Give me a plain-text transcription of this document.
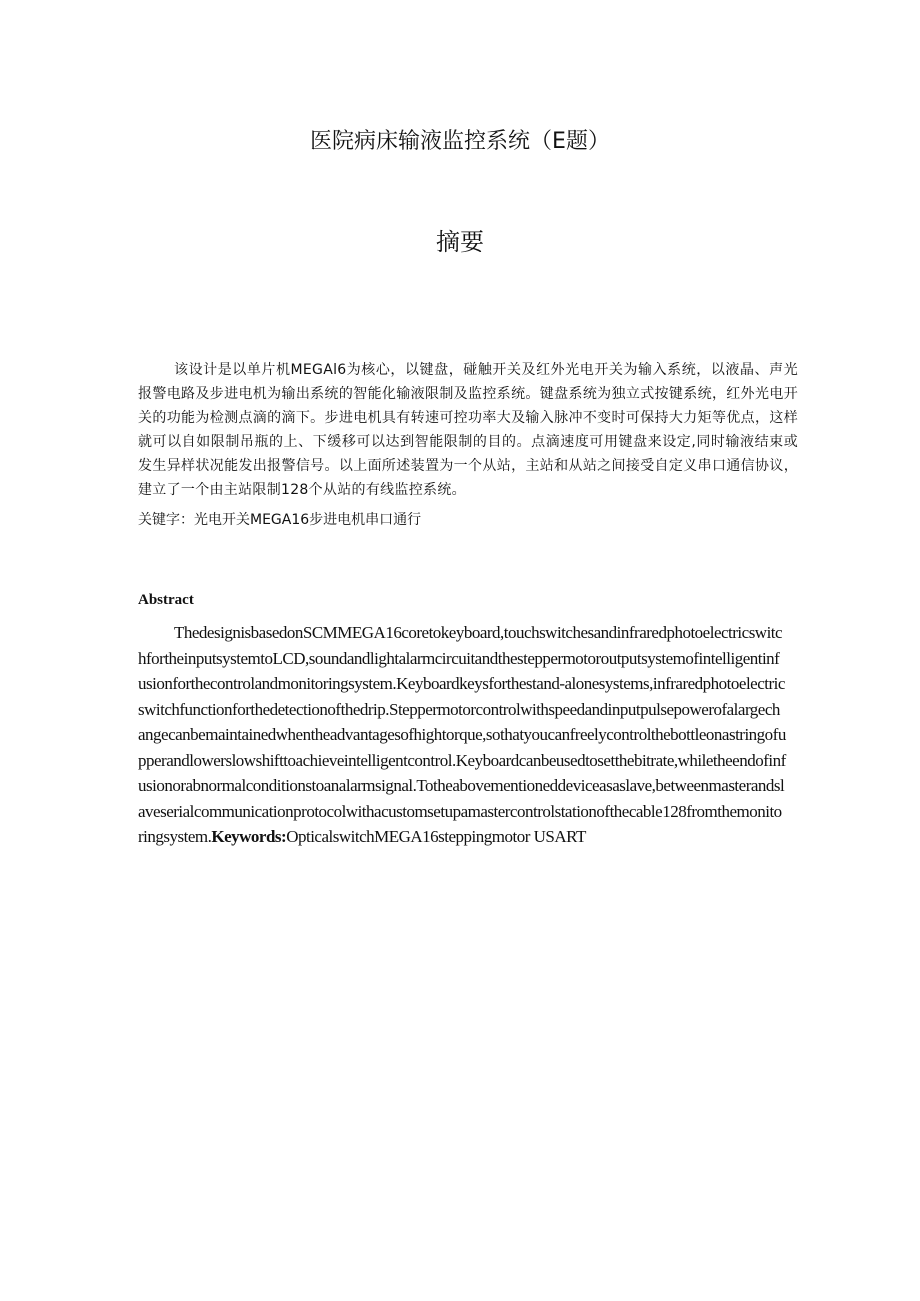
医院病床输液监控系统（E题）
摘要

该设计是以单片机MEGAl6为核心，以键盘，碰触开关及红外光电开关为输入系统，以液晶、声光报警电路及步进电机为输出系统的智能化输液限制及监控系统。键盘系统为独立式按键系统，红外光电开关的功能为检测点滴的滴下。步进电机具有转速可控功率大及输入脉冲不变时可保持大力矩等优点，这样就可以自如限制吊瓶的上、下缓移可以达到智能限制的目的。点滴速度可用键盘来设定,同时输液结束或发生异样状况能发出报警信号。以上面所述装置为一个从站，主站和从站之间接受自定义串口通信协议，建立了一个由主站限制128个从站的有线监控系统。

关键字：光电开关MEGA16步进电机串口通行

Abstract

ThedesignisbasedonSCMMEGA16coretokeyboard,touchswitchesandinfraredphotoelectricswitchfortheinputsystemtoLCD,soundandlightalarmcircuitandthesteppermotoroutputsystemofintelligentinfusionforthecontrolandmonitoringsystem.Keyboardkeysforthestand-alonesystems,infraredphotoelectricswitchfunctionforthedetectionofthedrip.Steppermotorcontrolwithspeedandinputpulsepowerofalargechangecanbemaintainedwhentheadvantagesofhightorque,sothatyoucanfreelycontrolthebottleonastringofupperandlowerslowshifttoachieveintelligentcontrol.Keyboardcanbeusedtosetthebitrate,whiletheendofinfusionorabnormalconditionstoanalarmsignal.Totheabovementioneddeviceasaslave,betweenmasterandslaveserialcommunicationprotocolwithacustomsetupamastercontrolstationofthecable128fromthemonitoringsystem.Keywords:OpticalswitchMEGA16steppingmotor USART
